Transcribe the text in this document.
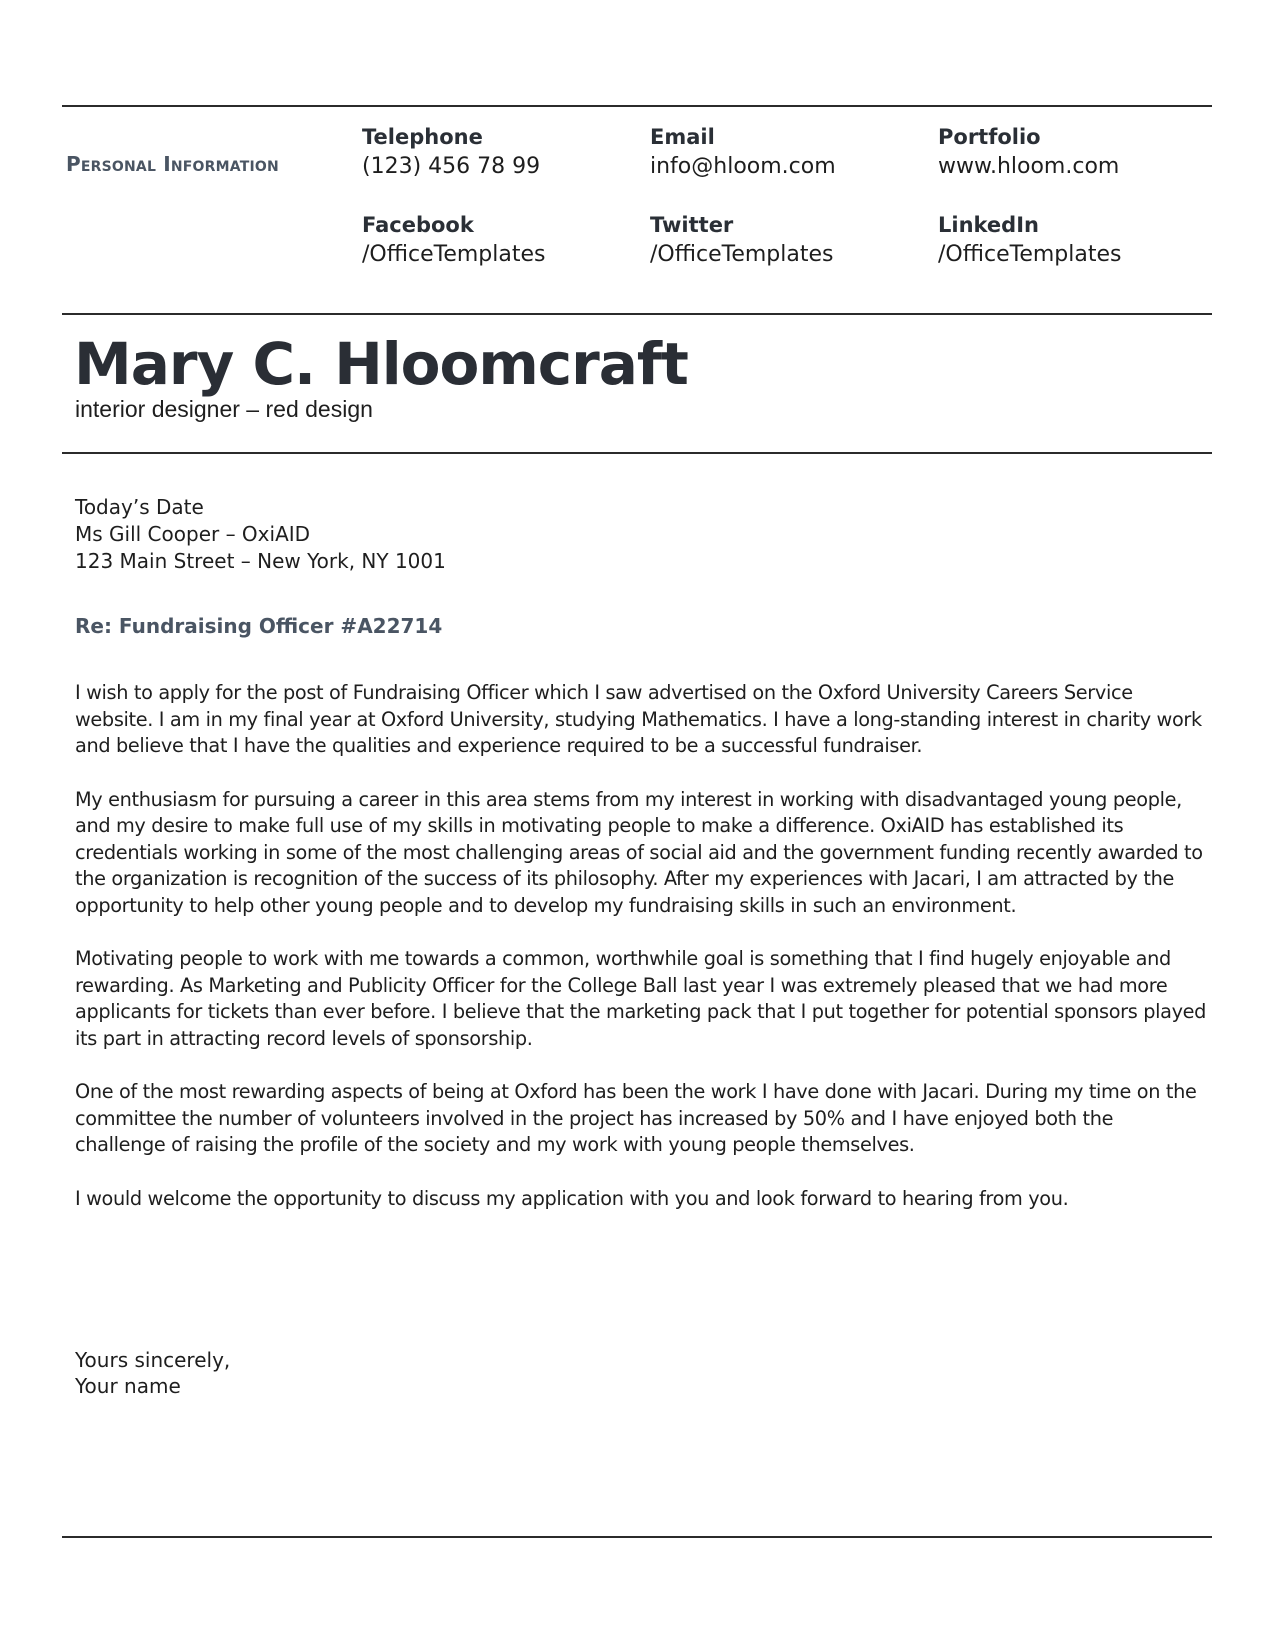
Personal Information
Telephone
(123) 456 78 99
Email
info@hloom.com
Portfolio
www.hloom.com
Facebook
/OfficeTemplates
Twitter
/OfficeTemplates
LinkedIn
/OfficeTemplates
Mary C. Hloomcraft
interior designer – red design
Today’s Date
Ms Gill Cooper – OxiAID
123 Main Street – New York, NY 1001
Re: Fundraising Officer #A22714

I wish to apply for the post of Fundraising Officer which I saw advertised on the Oxford University Careers Service website. I am in my final year at Oxford University, studying Mathematics. I have a long-standing interest in charity work and believe that I have the qualities and experience required to be a successful fundraiser.

My enthusiasm for pursuing a career in this area stems from my interest in working with disadvantaged young people, and my desire to make full use of my skills in motivating people to make a difference. OxiAID has established its credentials working in some of the most challenging areas of social aid and the government funding recently awarded to the organization is recognition of the success of its philosophy. After my experiences with Jacari, I am attracted by the opportunity to help other young people and to develop my fundraising skills in such an environment.

Motivating people to work with me towards a common, worthwhile goal is something that I find hugely enjoyable and rewarding. As Marketing and Publicity Officer for the College Ball last year I was extremely pleased that we had more applicants for tickets than ever before. I believe that the marketing pack that I put together for potential sponsors played its part in attracting record levels of sponsorship.

One of the most rewarding aspects of being at Oxford has been the work I have done with Jacari. During my time on the committee the number of volunteers involved in the project has increased by 50% and I have enjoyed both the challenge of raising the profile of the society and my work with young people themselves.

I would welcome the opportunity to discuss my application with you and look forward to hearing from you.

Yours sincerely,
Your name
